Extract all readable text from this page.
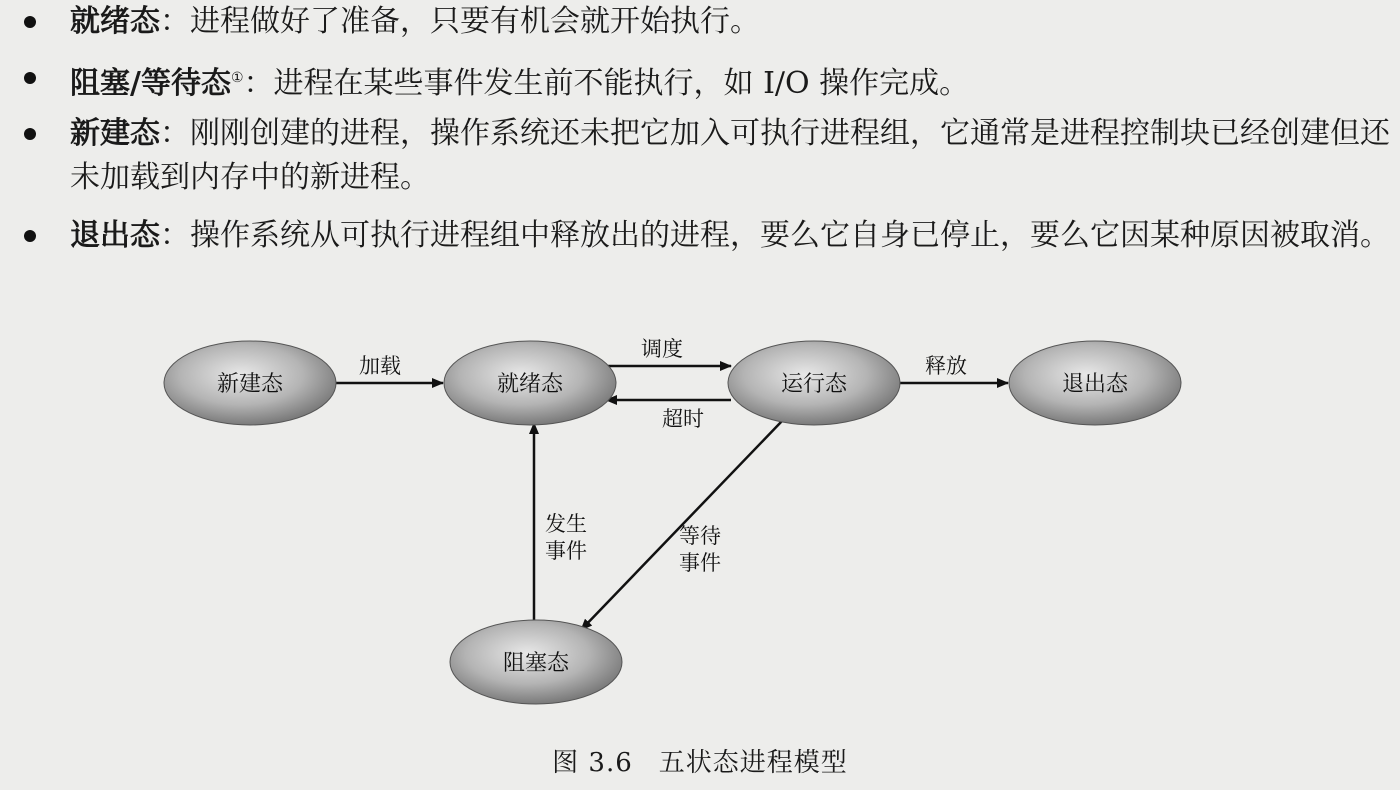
就绪态：进程做好了准备，只要有机会就开始执行。
阻塞/等待态①：进程在某些事件发生前不能执行，如 I/O 操作完成。
新建态：刚刚创建的进程，操作系统还未把它加入可执行进程组，它通常是进程控制块已经创建但还未加载到内存中的新进程。
退出态：操作系统从可执行进程组中释放出的进程，要么它自身已停止，要么它因某种原因被取消。
新建态	就绪态	运行态	退出态
阻塞态
加载
调度
超时
释放
发生
事件
等待
事件
图 3.6 五状态进程模型
